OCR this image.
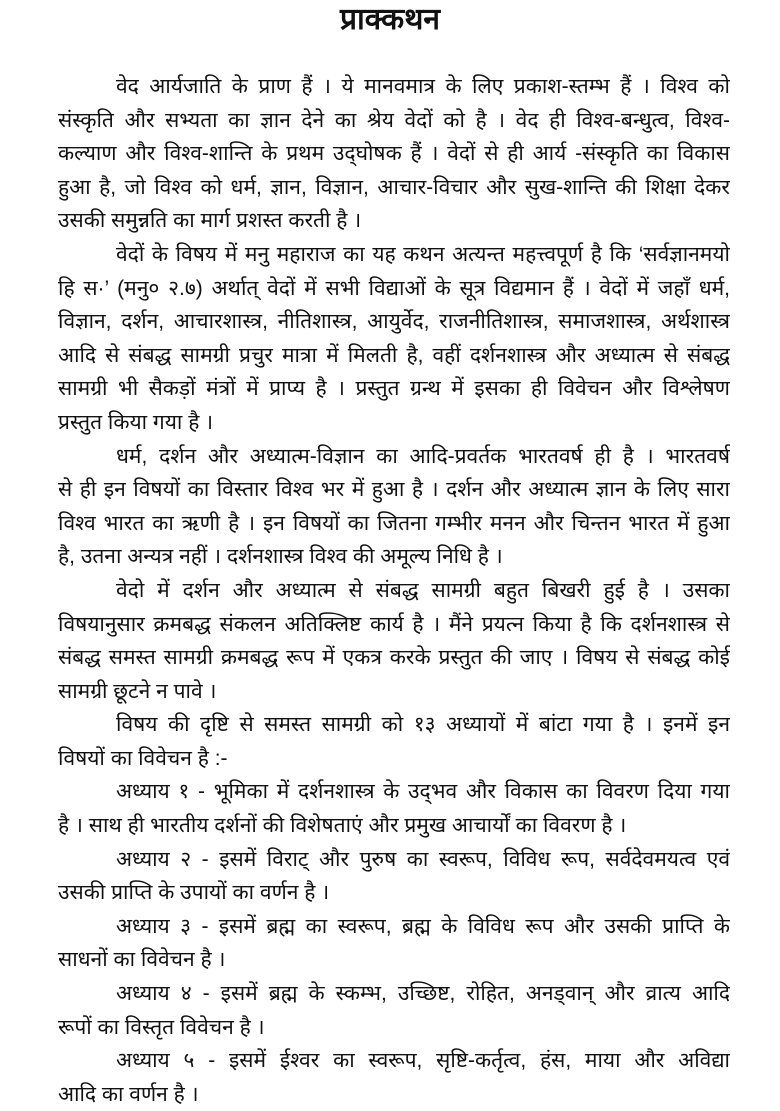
प्राक्कथन
वेद आर्यजाति के प्राण हैं । ये मानवमात्र के लिए प्रकाश-स्तम्भ हैं । विश्व को
संस्कृति और सभ्यता का ज्ञान देने का श्रेय वेदों को है । वेद ही विश्व-बन्धुत्व, विश्व-
कल्याण और विश्व-शान्ति के प्रथम उद्‌घोषक हैं । वेदों से ही आर्य -संस्कृति का विकास
हुआ है, जो विश्व को धर्म, ज्ञान, विज्ञान, आचार-विचार और सुख-शान्ति की शिक्षा देकर
उसकी समुन्नति का मार्ग प्रशस्त करती है ।
वेदों के विषय में मनु महाराज का यह कथन अत्यन्त महत्त्वपूर्ण है कि ‘सर्वज्ञानमयो
हि स·’ (मनु० २.७) अर्थात् वेदों में सभी विद्याओं के सूत्र विद्यमान हैं । वेदों में जहाँ धर्म,
विज्ञान, दर्शन, आचारशास्त्र, नीतिशास्त्र, आयुर्वेद, राजनीतिशास्त्र, समाजशास्त्र, अर्थशास्त्र
आदि से संबद्ध सामग्री प्रचुर मात्रा में मिलती है, वहीं दर्शनशास्त्र और अध्यात्म से संबद्ध
सामग्री भी सैकड़ों मंत्रों में प्राप्य है । प्रस्तुत ग्रन्थ में इसका ही विवेचन और विश्लेषण
प्रस्तुत किया गया है ।
धर्म, दर्शन और अध्यात्म-विज्ञान का आदि-प्रवर्तक भारतवर्ष ही है । भारतवर्ष
से ही इन विषयों का विस्तार विश्व भर में हुआ है । दर्शन और अध्यात्म ज्ञान के लिए सारा
विश्व भारत का ऋणी है । इन विषयों का जितना गम्भीर मनन और चिन्तन भारत में हुआ
है, उतना अन्यत्र नहीं । दर्शनशास्त्र विश्व की अमूल्य निधि है ।
वेदो में दर्शन और अध्यात्म से संबद्ध सामग्री बहुत बिखरी हुई है । उसका
विषयानुसार क्रमबद्ध संकलन अतिक्लिष्ट कार्य है । मैंने प्रयत्न किया है कि दर्शनशास्त्र से
संबद्ध समस्त सामग्री क्रमबद्ध रूप में एकत्र करके प्रस्तुत की जाए । विषय से संबद्ध कोई
सामग्री छूटने न पावे ।
विषय की दृष्टि से समस्त सामग्री को १३ अध्यायों में बांटा गया है । इनमें इन
विषयों का विवेचन है :-
अध्याय १ - भूमिका में दर्शनशास्त्र के उद्‌भव और विकास का विवरण दिया गया
है । साथ ही भारतीय दर्शनों की विशेषताएं और प्रमुख आचार्यों का विवरण है ।
अध्याय २ - इसमें विराट् और पुरुष का स्वरूप, विविध रूप, सर्वदेवमयत्व एवं
उसकी प्राप्ति के उपायों का वर्णन है ।
अध्याय ३ - इसमें ब्रह्म का स्वरूप, ब्रह्म के विविध रूप और उसकी प्राप्ति के
साधनों का विवेचन है ।
अध्याय ४ - इसमें ब्रह्म के स्कम्भ, उच्छिष्ट, रोहित, अनड्वान् और व्रात्य आदि
रूपों का विस्तृत विवेचन है ।
अध्याय ५ - इसमें ईश्वर का स्वरूप, सृष्टि-कर्तृत्व, हंस, माया और अविद्या
आदि का वर्णन है ।
